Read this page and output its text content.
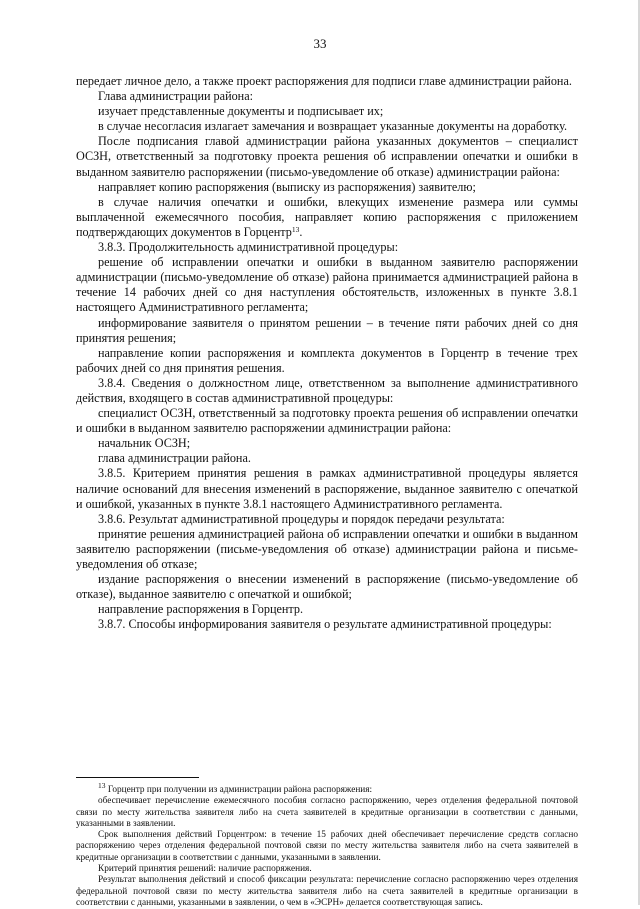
33

передает личное дело, а также проект распоряжения для подписи главе администрации района.

Глава администрации района:

изучает представленные документы и подписывает их;

в случае несогласия излагает замечания и возвращает указанные документы на доработку.

После подписания главой администрации района указанных документов – специалист ОСЗН, ответственный за подготовку проекта решения об исправлении опечатки и ошибки в выданном заявителю распоряжении (письмо-уведомление об отказе) администрации района:

направляет копию распоряжения (выписку из распоряжения) заявителю;

в случае наличия опечатки и ошибки, влекущих изменение размера или суммы выплаченной ежемесячного пособия, направляет копию распоряжения с приложением подтверждающих документов в Горцентр$^{13}$.

3.8.3. Продолжительность административной процедуры:

решение об исправлении опечатки и ошибки в выданном заявителю распоряжении администрации (письмо-уведомление об отказе) района принимается администрацией района в течение 14 рабочих дней со дня наступления обстоятельств, изложенных в пункте 3.8.1 настоящего Административного регламента;

информирование заявителя о принятом решении – в течение пяти рабочих дней со дня принятия решения;

направление копии распоряжения и комплекта документов в Горцентр в течение трех рабочих дней со дня принятия решения.

3.8.4. Сведения о должностном лице, ответственном за выполнение административного действия, входящего в состав административной процедуры:

специалист ОСЗН, ответственный за подготовку проекта решения об исправлении опечатки и ошибки в выданном заявителю распоряжении администрации района:

начальник ОСЗН;

глава администрации района.

3.8.5. Критерием принятия решения в рамках административной процедуры является наличие оснований для внесения изменений в распоряжение, выданное заявителю с опечаткой и ошибкой, указанных в пункте 3.8.1 настоящего Административного регламента.

3.8.6. Результат административной процедуры и порядок передачи результата:

принятие решения администрацией района об исправлении опечатки и ошибки в выданном заявителю распоряжении (письме-уведомления об отказе) администрации района и письме-уведомления об отказе;

издание распоряжения о внесении изменений в распоряжение (письмо-уведомление об отказе), выданное заявителю с опечаткой и ошибкой;

направление распоряжения в Горцентр.

3.8.7. Способы информирования заявителя о результате административной процедуры:

$^{13}$ Горцентр при получении из администрации района распоряжения:

обеспечивает перечисление ежемесячного пособия согласно распоряжению, через отделения федеральной почтовой связи по месту жительства заявителя либо на счета заявителей в кредитные организации в соответствии с данными, указанными в заявлении.

Срок выполнения действий Горцентром: в течение 15 рабочих дней обеспечивает перечисление средств согласно распоряжению через отделения федеральной почтовой связи по месту жительства заявителя либо на счета заявителей в кредитные организации в соответствии с данными, указанными в заявлении.

Критерий принятия решений: наличие распоряжения.

Результат выполнения действий и способ фиксации результата: перечисление согласно распоряжению через отделения федеральной почтовой связи по месту жительства заявителя либо на счета заявителей в кредитные организации в соответствии с данными, указанными в заявлении, о чем в «ЭСРН» делается соответствующая запись.
